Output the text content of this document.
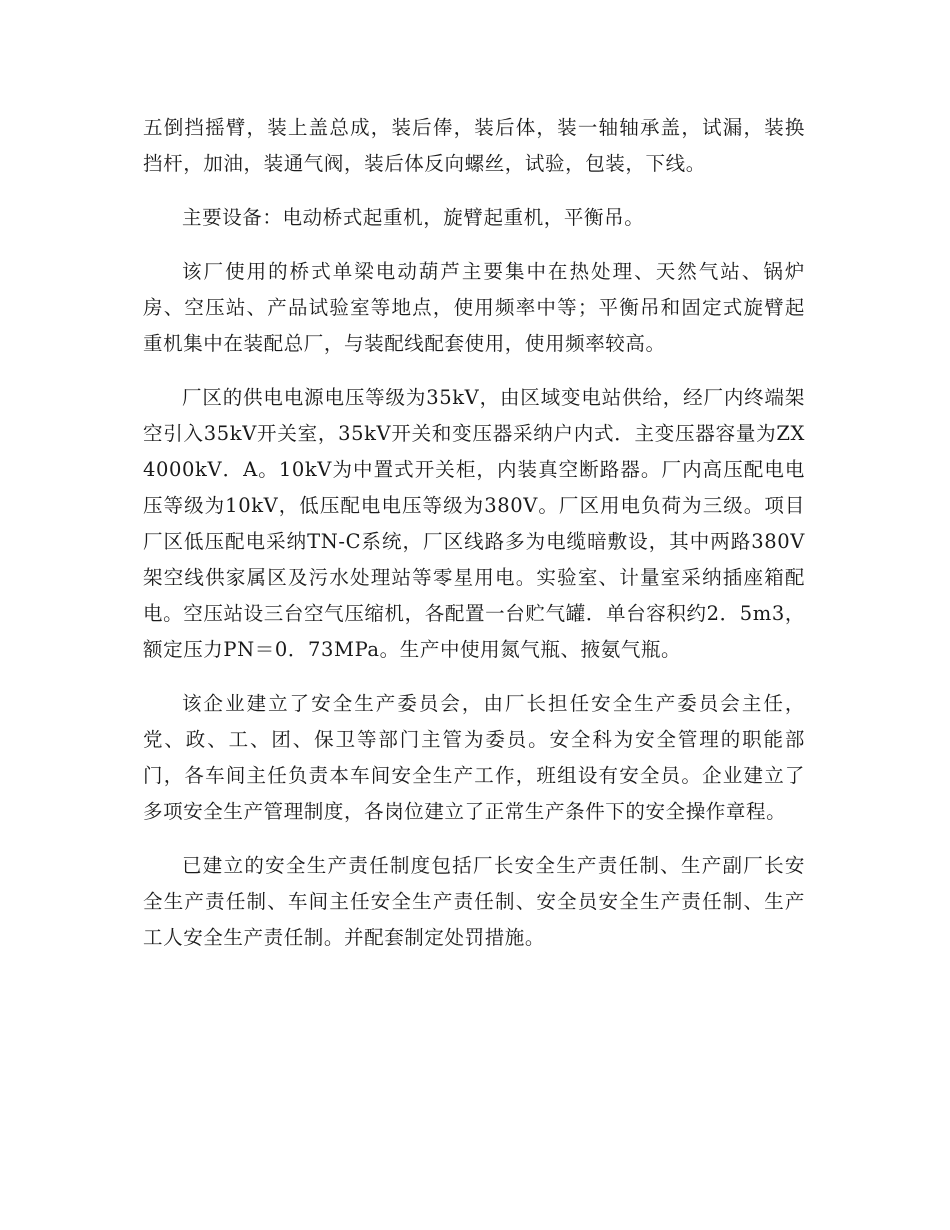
五倒挡摇臂，装上盖总成，装后俸，装后体，装一轴轴承盖，试漏，装换挡杆，加油，装通气阀，装后体反向螺丝，试验，包装，下线。

主要设备：电动桥式起重机，旋臂起重机，平衡吊。

该厂使用的桥式单梁电动葫芦主要集中在热处理、天然气站、锅炉房、空压站、产品试验室等地点，使用频率中等；平衡吊和固定式旋臂起重机集中在装配总厂，与装配线配套使用，使用频率较高。

厂区的供电电源电压等级为35kV，由区域变电站供给，经厂内终端架空引入35kV开关室，35kV开关和变压器采纳户内式．主变压器容量为ZX4000kV．A。10kV为中置式开关柜，内装真空断路器。厂内高压配电电压等级为10kV，低压配电电压等级为380V。厂区用电负荷为三级。项目厂区低压配电采纳TN-C系统，厂区线路多为电缆暗敷设，其中两路380V架空线供家属区及污水处理站等零星用电。实验室、计量室采纳插座箱配电。空压站设三台空气压缩机，各配置一台贮气罐．单台容积约2．5m3，额定压力PN＝0．73MPa。生产中使用氮气瓶、掖氨气瓶。

该企业建立了安全生产委员会，由厂长担任安全生产委员会主任，党、政、工、团、保卫等部门主管为委员。安全科为安全管理的职能部门，各车间主任负责本车间安全生产工作，班组设有安全员。企业建立了多项安全生产管理制度，各岗位建立了正常生产条件下的安全操作章程。

已建立的安全生产责任制度包括厂长安全生产责任制、生产副厂长安全生产责任制、车间主任安全生产责任制、安全员安全生产责任制、生产工人安全生产责任制。并配套制定处罚措施。
